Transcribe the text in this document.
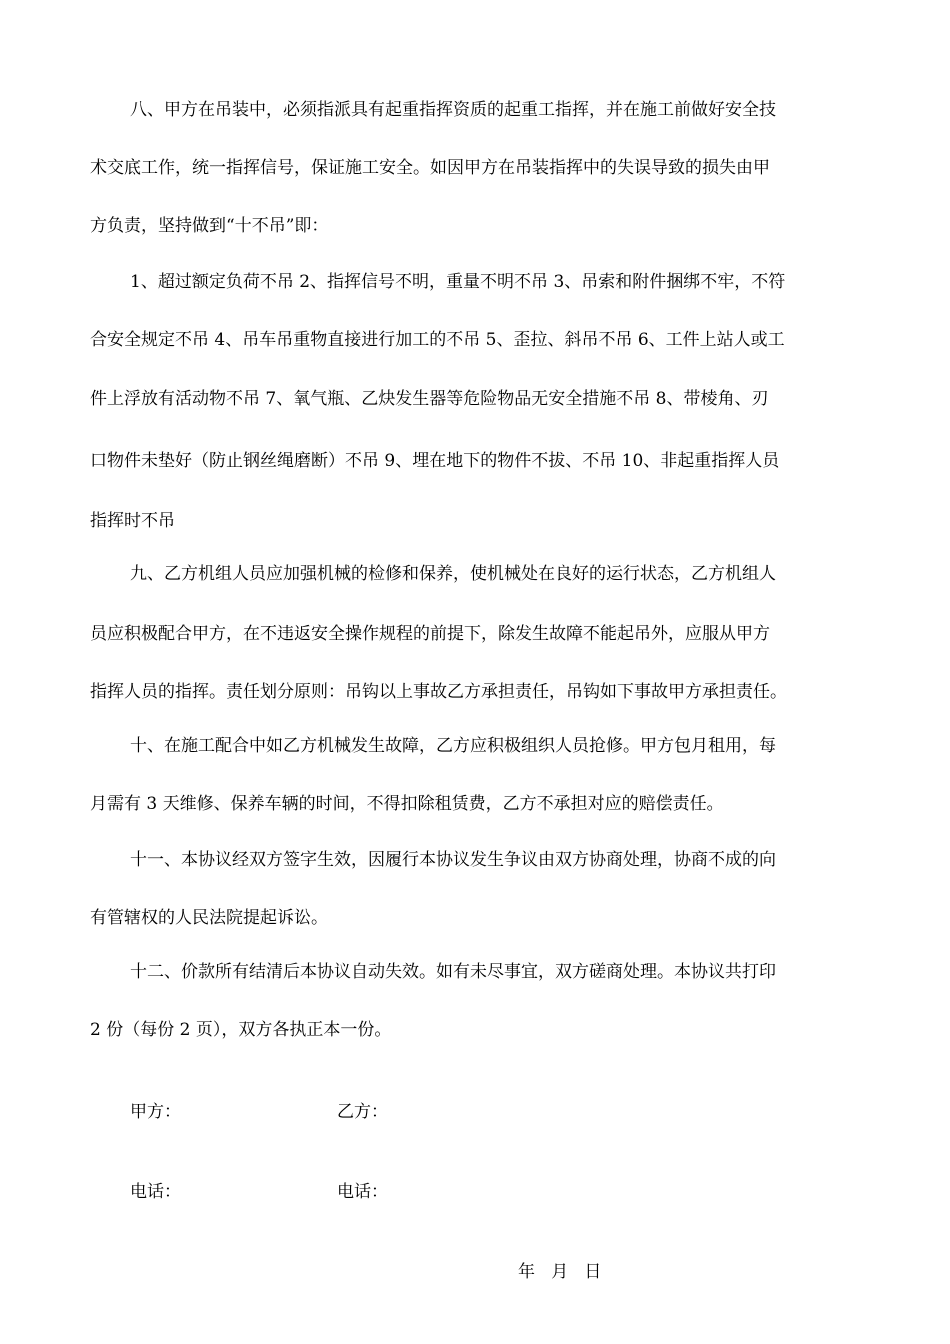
八、甲方在吊装中，必须指派具有起重指挥资质的起重工指挥，并在施工前做好安全技
术交底工作，统一指挥信号，保证施工安全。如因甲方在吊装指挥中的失误导致的损失由甲
方负责，坚持做到“十不吊”即：
1、超过额定负荷不吊 2、指挥信号不明，重量不明不吊 3、吊索和附件捆绑不牢，不符
合安全规定不吊 4、吊车吊重物直接进行加工的不吊 5、歪拉、斜吊不吊 6、工件上站人或工
件上浮放有活动物不吊 7、氧气瓶、乙炔发生器等危险物品无安全措施不吊 8、带棱角、刃
口物件未垫好（防止钢丝绳磨断）不吊 9、埋在地下的物件不拔、不吊 10、非起重指挥人员
指挥时不吊
九、乙方机组人员应加强机械的检修和保养，使机械处在良好的运行状态，乙方机组人
员应积极配合甲方，在不违返安全操作规程的前提下，除发生故障不能起吊外，应服从甲方
指挥人员的指挥。责任划分原则：吊钩以上事故乙方承担责任，吊钩如下事故甲方承担责任。
十、在施工配合中如乙方机械发生故障，乙方应积极组织人员抢修。甲方包月租用，每
月需有 3 天维修、保养车辆的时间，不得扣除租赁费，乙方不承担对应的赔偿责任。
十一、本协议经双方签字生效，因履行本协议发生争议由双方协商处理，协商不成的向
有管辖权的人民法院提起诉讼。
十二、价款所有结清后本协议自动失效。如有未尽事宜，双方磋商处理。本协议共打印
2 份（每份 2 页），双方各执正本一份。
甲方：	乙方：
电话：	电话：
年   月   日
